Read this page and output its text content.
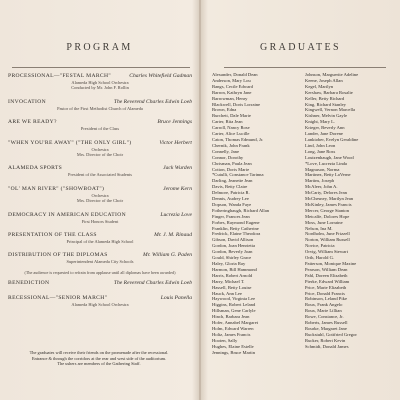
PROGRAM
PROCESSIONAL—"FESTAL MARCH"	Charles Whitefield Gadman
Alameda High School Orchestra
Conducted by Mr. John F. Rollin
INVOCATION	The Reverend Charles Edwin Loeb
Pastor of the First Methodist Church of Alameda
ARE WE READY?	Bruce Jennings
President of the Class
"WHEN YOU'RE AWAY" ("THE ONLY GIRL")	Victor Herbert
Orchestra
Mrs. Director of the Choir
ALAMEDA SPORTS	Jack Wurden
President of the Associated Students
"OL' MAN RIVER" ("SHOWBOAT")	Jerome Kern
Orchestra
Mrs. Director of the Choir
DEMOCRACY IN AMERICAN EDUCATION	Lucrezia Love
First Honors Student
PRESENTATION OF THE CLASS	Mr. J. M. Rinaud
Principal of the Alameda High School
DISTRIBUTION OF THE DIPLOMAS	Mr. William G. Paden
Superintendent Alameda City Schools
(The audience is requested to refrain from applause until all diplomas have been awarded)
BENEDICTION	The Reverend Charles Edwin Loeb
RECESSIONAL—"SENIOR MARCH"	Louis Panella
Alameda High School Orchestra
The graduates will receive their friends on the promenade after the recessional.
Entrance & through the corridors at the rear and west side of the auditorium.
The ushers are members of the Gathering Staff.
GRADUATES
Alexander, Donald Dean
Anderson, Mary Lou
Bangs, Cecile Edward
Barron, Kathryn Jane
Barrowman, Henry
Blackwell, Doris Lorraine
Brown, Edna
Burchett, Dale Marie
Carter, Rita Jean
Carroll, Nancy Rose
Carter, Alice Lucille
Caton, Thomas Edmund, Jr.
Chernik, John Frank
Connelly, Jane
Connor, Dorothy
Chrisman, Paula Jean
Cotton, Doris Marie
*Cutulli, Constance Tarinna
Darling, Jeanette Jean
Davis, Betty Claire
Delmore, Patricia R.
Dennis, Audrey Lee
Dopson, Wanda Faye
Fotheringhaugh, Richard Allan
Finger, Frances Jean
Forbes, Raymond Eugene
Franklin, Betty Catherine
Fredrick, Elaine Theodora
Gibson, David Allison
Gordon, Joan Henrietta
Gordon, Beverly Joan
Gould, Shirley Grace
Haley, Gloria Ray
Harmon, Bill Hammond
Harris, Robert Arnold
Harry, Michael T.
Hassell, Betty Louise
Hauck, Ann Lee
Haywood, Virginia Lee
Higgins, Robert Leland
Hillsman, Gene Carlyle
Hinch, Barbara Jean
Hofer, Annabel Margaret
Holm, Edward Warren
Holtz, James Francis
Hooten, Sally
Hughes, Elaine Estelle
Jennings, Bruce Martin
Johnson, Marguerite Adeline
Keene, Joseph Allan
Kegel, Marilyn
Kershaw, Barbara Rosalie
Keller, Betty Richard
King, Richard Stanley
Kingwell, Vernon Marcella
Kishner, Melvin Gayle
Knight, Mary L.
Krieger, Beverly Ann
Lander, Jane Dorene
Lanktober, Evelyn Geraldine
Lind, John Leon
Long, Jane Ross
Loutzenhaugh, Jane Wood
*Love, Lucrezia Linda
Magnuson, Norma
Martinez, Betty LaVerne
Martins, Joseph
McAleer, John A.
McCarty, Delores Jean
McChesney, Marilyn Jean
McKinley, James Francis
Mercer, George Stanton
Metcalfe, Dolores Hope
Moss, June Lorraine
Nelson, Ina M.
Nordholm, June Frizzell
Norton, William Russell
Novice, Patricia
Orvig, William Stewart
Orth, Harold G.
Patterson, Monique Maxine
Pearson, William Dean
Pahl, Doreen Elizabeth
Pierke, Edward William
Price, Marie Elizabeth
Price, Donald Francis
Robinson, Leland Pike
Roux, Frank Angelo
Roux, Marie Lillian
Rowe, Constance, Jr.
Roberts, James Russell
Rourke, Margaret Jane
Ruckstuhl, Gottfried Gregor
Rucker, Robert Kevin
Schmidt, Donald James
